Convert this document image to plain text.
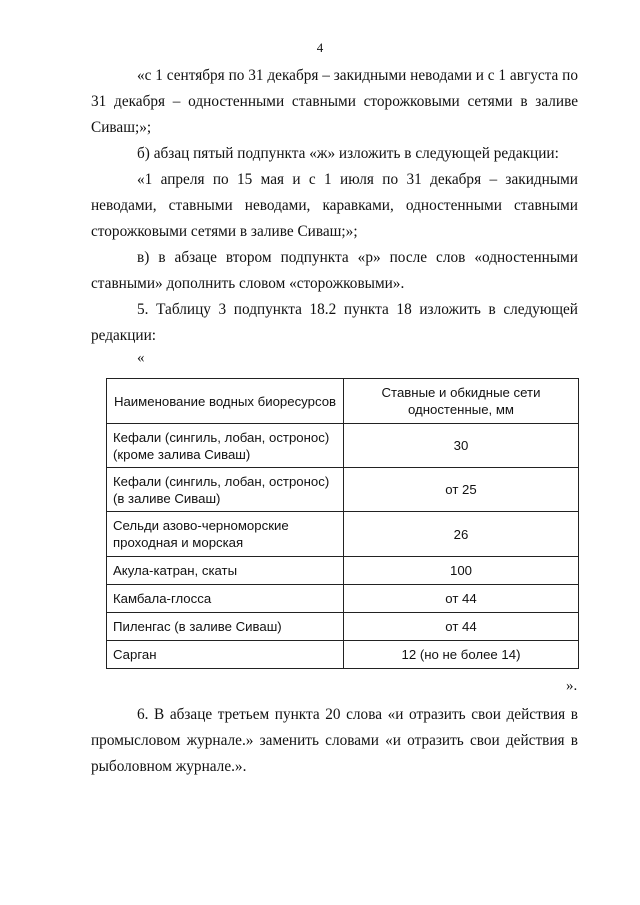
4

«с 1 сентября по 31 декабря – закидными неводами и с 1 августа по 31 декабря – одностенными ставными сторожковыми сетями в заливе Сиваш;»;

б) абзац пятый подпункта «ж» изложить в следующей редакции:

«1 апреля по 15 мая и с 1 июля по 31 декабря – закидными неводами, ставными неводами, каравками, одностенными ставными сторожковыми сетями в заливе Сиваш;»;

в) в абзаце втором подпункта «р» после слов «одностенными ставными» дополнить словом «сторожковыми».

5. Таблицу 3 подпункта 18.2 пункта 18 изложить в следующей редакции:

«
Наименование водных биоресурсов	Ставные и обкидные сети одностенные, мм
Кефали (сингиль, лобан, остронос) (кроме залива Сиваш)	30
Кефали (сингиль, лобан, остронос) (в заливе Сиваш)	от 25
Сельди азово-черноморские проходная и морская	26
Акула-катран, скаты	100
Камбала-глосса	от 44
Пиленгас (в заливе Сиваш)	от 44
Сарган	12 (но не более 14)
».

6. В абзаце третьем пункта 20 слова «и отразить свои действия в промысловом журнале.» заменить словами «и отразить свои действия в рыболовном журнале.».
